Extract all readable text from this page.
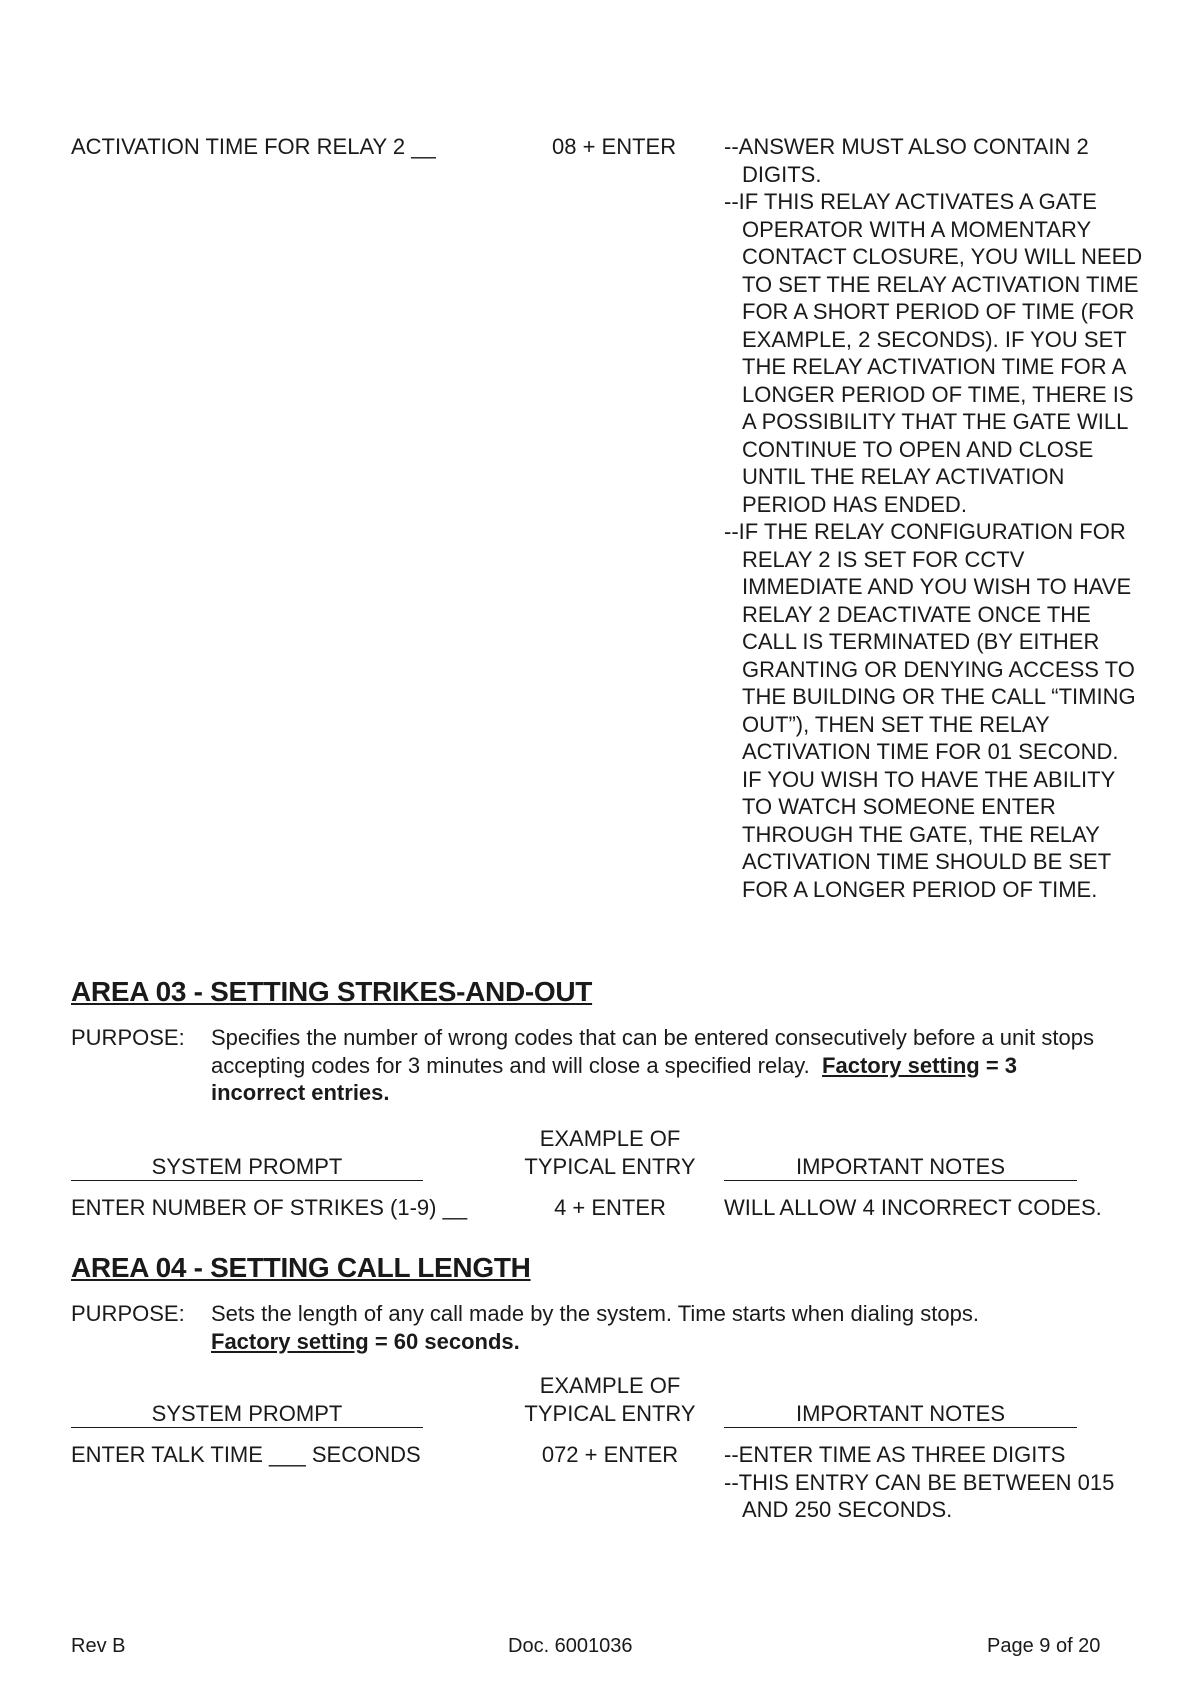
ACTIVATION TIME FOR RELAY 2 __	08 + ENTER --ANSWER MUST ALSO CONTAIN 2 DIGITS.
--IF THIS RELAY ACTIVATES A GATE OPERATOR WITH A MOMENTARY CONTACT CLOSURE, YOU WILL NEED TO SET THE RELAY ACTIVATION TIME FOR A SHORT PERIOD OF TIME (FOR EXAMPLE, 2 SECONDS). IF YOU SET THE RELAY ACTIVATION TIME FOR A LONGER PERIOD OF TIME, THERE IS A POSSIBILITY THAT THE GATE WILL CONTINUE TO OPEN AND CLOSE UNTIL THE RELAY ACTIVATION PERIOD HAS ENDED.
--IF THE RELAY CONFIGURATION FOR RELAY 2 IS SET FOR CCTV IMMEDIATE AND YOU WISH TO HAVE RELAY 2 DEACTIVATE ONCE THE CALL IS TERMINATED (BY EITHER GRANTING OR DENYING ACCESS TO THE BUILDING OR THE CALL “TIMING OUT”), THEN SET THE RELAY ACTIVATION TIME FOR 01 SECOND. IF YOU WISH TO HAVE THE ABILITY TO WATCH SOMEONE ENTER THROUGH THE GATE, THE RELAY ACTIVATION TIME SHOULD BE SET FOR A LONGER PERIOD OF TIME.
AREA 03 - SETTING STRIKES-AND-OUT
PURPOSE: Specifies the number of wrong codes that can be entered consecutively before a unit stops accepting codes for 3 minutes and will close a specified relay. Factory setting = 3 incorrect entries.
EXAMPLE OF
SYSTEM PROMPT	TYPICAL ENTRY	IMPORTANT NOTES
ENTER NUMBER OF STRIKES (1-9) __	4 + ENTER	WILL ALLOW 4 INCORRECT CODES.
AREA 04 - SETTING CALL LENGTH
PURPOSE: Sets the length of any call made by the system. Time starts when dialing stops.
Factory setting = 60 seconds.
EXAMPLE OF
SYSTEM PROMPT	TYPICAL ENTRY	IMPORTANT NOTES
ENTER TALK TIME ___ SECONDS	072 + ENTER	--ENTER TIME AS THREE DIGITS
--THIS ENTRY CAN BE BETWEEN 015 AND 250 SECONDS.
Rev B	Doc. 6001036	Page 9 of 20
